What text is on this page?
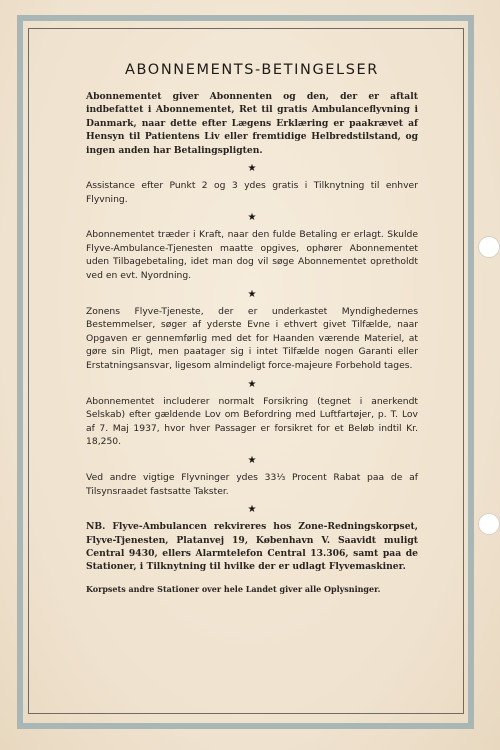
ABONNEMENTS-BETINGELSER

Abonnementet giver Abonnenten og den, der er aftalt indbefattet i Abonnementet, Ret til gratis Ambulanceflyvning i Danmark, naar dette efter Lægens Erklæring er paakrævet af Hensyn til Patientens Liv eller fremtidige Helbredstilstand, og ingen anden har Betalingspligten.

★

Assistance efter Punkt 2 og 3 ydes gratis i Tilknytning til enhver Flyvning.

★

Abonnementet træder i Kraft, naar den fulde Betaling er erlagt. Skulde Flyve-Ambulance-Tjenesten maatte opgives, ophører Abonnementet uden Tilbagebetaling, idet man dog vil søge Abonnementet opretholdt ved en evt. Nyordning.

★

Zonens Flyve-Tjeneste, der er underkastet Myndighedernes Bestemmelser, søger af yderste Evne i ethvert givet Tilfælde, naar Opgaven er gennemførlig med det for Haanden værende Materiel, at gøre sin Pligt, men paatager sig i intet Tilfælde nogen Garanti eller Erstatningsansvar, ligesom almindeligt force-majeure Forbehold tages.

★

Abonnementet includerer normalt Forsikring (tegnet i anerkendt Selskab) efter gældende Lov om Befordring med Luftfartøjer, p. T. Lov af 7. Maj 1937, hvor hver Passager er forsikret for et Beløb indtil Kr. 18,250.

★

Ved andre vigtige Flyvninger ydes 33⅓ Procent Rabat paa de af Tilsynsraadet fastsatte Takster.

★

NB. Flyve-Ambulancen rekvireres hos Zone-Redningskorpset, Flyve-Tjenesten, Platanvej 19, København V. Saavidt muligt Central 9430, ellers Alarmtelefon Central 13.306, samt paa de Stationer, i Tilknytning til hvilke der er udlagt Flyvemaskiner.

Korpsets andre Stationer over hele Landet giver alle Oplysninger.
